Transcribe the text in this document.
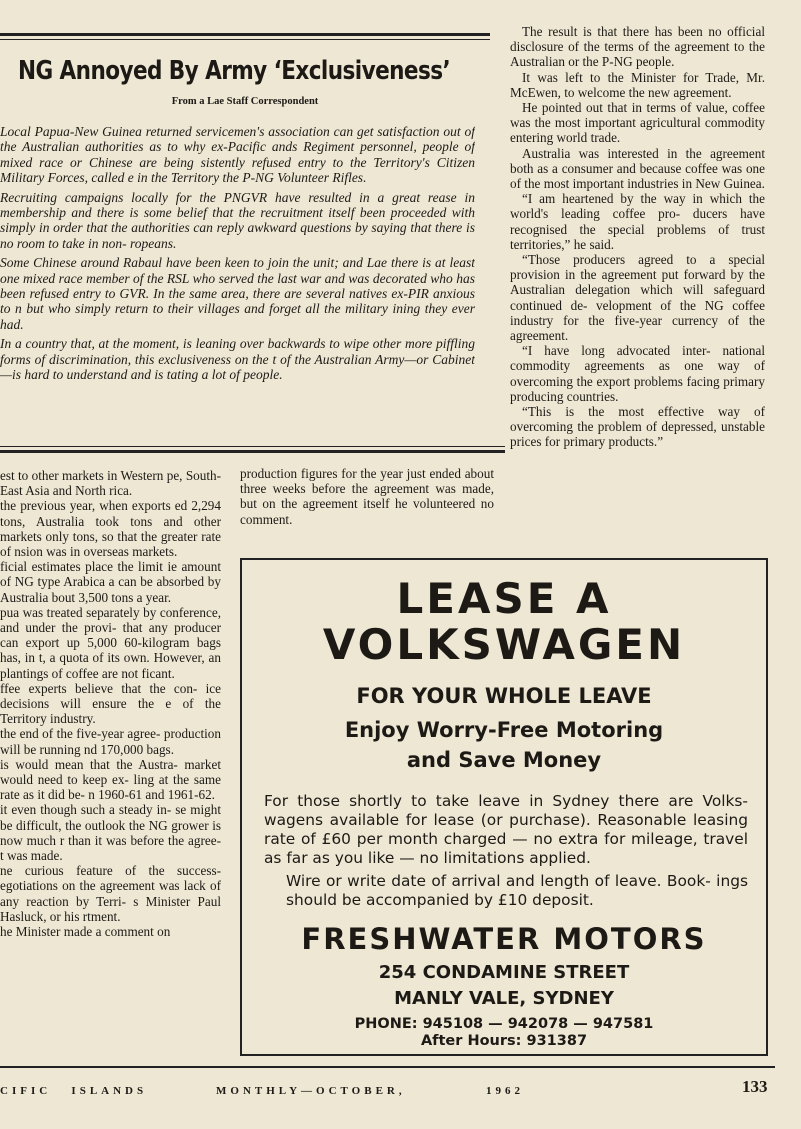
NG Annoyed By Army ‘Exclusiveness’
From a Lae Staff Correspondent

Local Papua-New Guinea returned servicemen's association can get satisfaction out of the Australian authorities as to why ex-Pacific ands Regiment personnel, people of mixed race or Chinese are being sistently refused entry to the Territory's Citizen Military Forces, called e in the Territory the P-NG Volunteer Rifles.

Recruiting campaigns locally for the PNGVR have resulted in a great rease in membership and there is some belief that the recruitment itself been proceeded with simply in order that the authorities can reply awkward questions by saying that there is no room to take in non- ropeans.

Some Chinese around Rabaul have been keen to join the unit; and Lae there is at least one mixed race member of the RSL who served the last war and was decorated who has been refused entry to GVR. In the same area, there are several natives ex-PIR anxious to n but who simply return to their villages and forget all the military ining they ever had.

In a country that, at the moment, is leaning over backwards to wipe other more piffling forms of discrimination, this exclusiveness on the t of the Australian Army—or Cabinet—is hard to understand and is tating a lot of people.

est to other markets in Western pe, South-East Asia and North rica.

the previous year, when exports ed 2,294 tons, Australia took tons and other markets only tons, so that the greater rate of nsion was in overseas markets.

ficial estimates place the limit ie amount of NG type Arabica a can be absorbed by Australia bout 3,500 tons a year.

pua was treated separately by conference, and under the provi- that any producer can export up 5,000 60-kilogram bags has, in t, a quota of its own. However, an plantings of coffee are not ficant.

ffee experts believe that the con- ice decisions will ensure the e of the Territory industry.

the end of the five-year agree- production will be running nd 170,000 bags.

is would mean that the Austra- market would need to keep ex- ling at the same rate as it did be- n 1960-61 and 1961-62.

it even though such a steady in- se might be difficult, the outlook the NG grower is now much r than it was before the agree- t was made.

ne curious feature of the success- egotiations on the agreement was lack of any reaction by Terri- s Minister Paul Hasluck, or his rtment.

he Minister made a comment on

production figures for the year just ended about three weeks before the agreement was made, but on the agreement itself he volunteered no comment.

The result is that there has been no official disclosure of the terms of the agreement to the Australian or the P-NG people.

It was left to the Minister for Trade, Mr. McEwen, to welcome the new agreement.

He pointed out that in terms of value, coffee was the most important agricultural commodity entering world trade.

Australia was interested in the agreement both as a consumer and because coffee was one of the most important industries in New Guinea.

“I am heartened by the way in which the world's leading coffee pro- ducers have recognised the special problems of trust territories,” he said.

“Those producers agreed to a special provision in the agreement put forward by the Australian delegation which will safeguard continued de- velopment of the NG coffee industry for the five-year currency of the agreement.

“I have long advocated inter- national commodity agreements as one way of overcoming the export problems facing primary producing countries.

“This is the most effective way of overcoming the problem of depressed, unstable prices for primary products.”

LEASE A
VOLKSWAGEN
FOR YOUR WHOLE LEAVE
Enjoy Worry-Free Motoring
and Save Money
For those shortly to take leave in Sydney there are Volks- wagens available for lease (or purchase). Reasonable leasing rate of £60 per month charged — no extra for mileage, travel as far as you like — no limitations applied.
Wire or write date of arrival and length of leave. Book- ings should be accompanied by £10 deposit.
FRESHWATER MOTORS
254 CONDAMINE STREET
MANLY VALE, SYDNEY
PHONE: 945108 — 942078 — 947581
After Hours: 931387
CIFIC   ISLANDS	MONTHLY—OCTOBER,	1962	133
